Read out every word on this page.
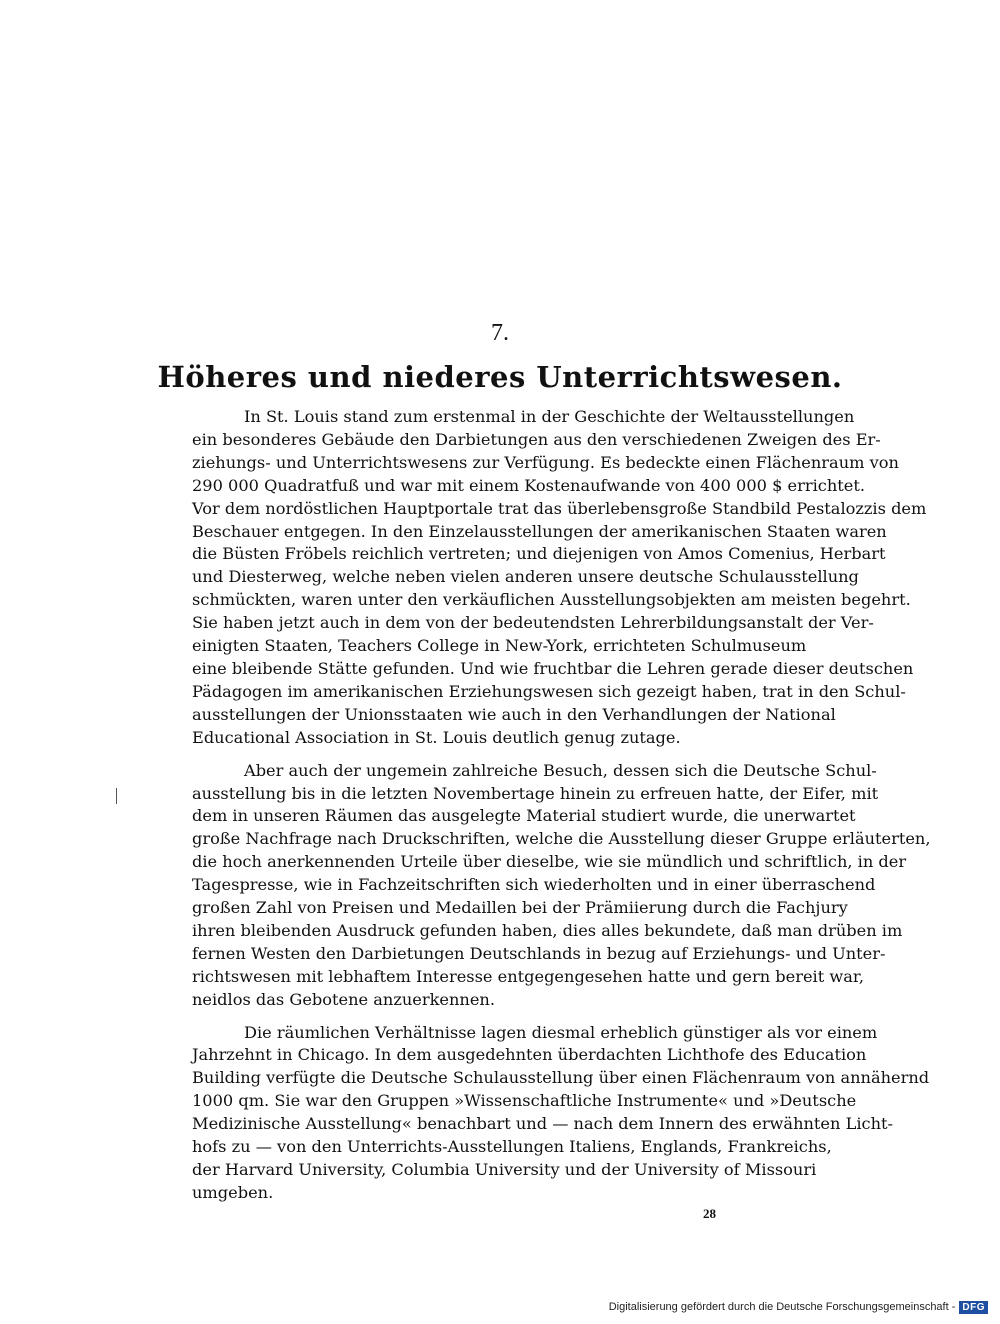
7.
Höheres und niederes Unterrichtswesen.

In St. Louis stand zum erstenmal in der Geschichte der Weltausstellungen
ein besonderes Gebäude den Darbietungen aus den verschiedenen Zweigen des Er-
ziehungs- und Unterrichtswesens zur Verfügung. Es bedeckte einen Flächenraum von
290 000 Quadratfuß und war mit einem Kostenaufwande von 400 000 $ errichtet.
Vor dem nordöstlichen Hauptportale trat das überlebensgroße Standbild Pestalozzis dem
Beschauer entgegen. In den Einzelausstellungen der amerikanischen Staaten waren
die Büsten Fröbels reichlich vertreten; und diejenigen von Amos Comenius, Herbart
und Diesterweg, welche neben vielen anderen unsere deutsche Schulausstellung
schmückten, waren unter den verkäuflichen Ausstellungsobjekten am meisten begehrt.
Sie haben jetzt auch in dem von der bedeutendsten Lehrerbildungsanstalt der Ver-
einigten Staaten, Teachers College in New-York, errichteten Schulmuseum
eine bleibende Stätte gefunden. Und wie fruchtbar die Lehren gerade dieser deutschen
Pädagogen im amerikanischen Erziehungswesen sich gezeigt haben, trat in den Schul-
ausstellungen der Unionsstaaten wie auch in den Verhandlungen der National
Educational Association in St. Louis deutlich genug zutage.

Aber auch der ungemein zahlreiche Besuch, dessen sich die Deutsche Schul-
ausstellung bis in die letzten Novembertage hinein zu erfreuen hatte, der Eifer, mit
dem in unseren Räumen das ausgelegte Material studiert wurde, die unerwartet
große Nachfrage nach Druckschriften, welche die Ausstellung dieser Gruppe erläuterten,
die hoch anerkennenden Urteile über dieselbe, wie sie mündlich und schriftlich, in der
Tagespresse, wie in Fachzeitschriften sich wiederholten und in einer überraschend
großen Zahl von Preisen und Medaillen bei der Prämiierung durch die Fachjury
ihren bleibenden Ausdruck gefunden haben, dies alles bekundete, daß man drüben im
fernen Westen den Darbietungen Deutschlands in bezug auf Erziehungs- und Unter-
richtswesen mit lebhaftem Interesse entgegengesehen hatte und gern bereit war,
neidlos das Gebotene anzuerkennen.

Die räumlichen Verhältnisse lagen diesmal erheblich günstiger als vor einem
Jahrzehnt in Chicago. In dem ausgedehnten überdachten Lichthofe des Education
Building verfügte die Deutsche Schulausstellung über einen Flächenraum von annähernd
1000 qm. Sie war den Gruppen »Wissenschaftliche Instrumente« und »Deutsche
Medizinische Ausstellung« benachbart und — nach dem Innern des erwähnten Licht-
hofs zu — von den Unterrichts-Ausstellungen Italiens, Englands, Frankreichs,
der Harvard University, Columbia University und der University of Missouri
umgeben.

28
Digitalisierung gefördert durch die Deutsche Forschungsgemeinschaft - DFG
